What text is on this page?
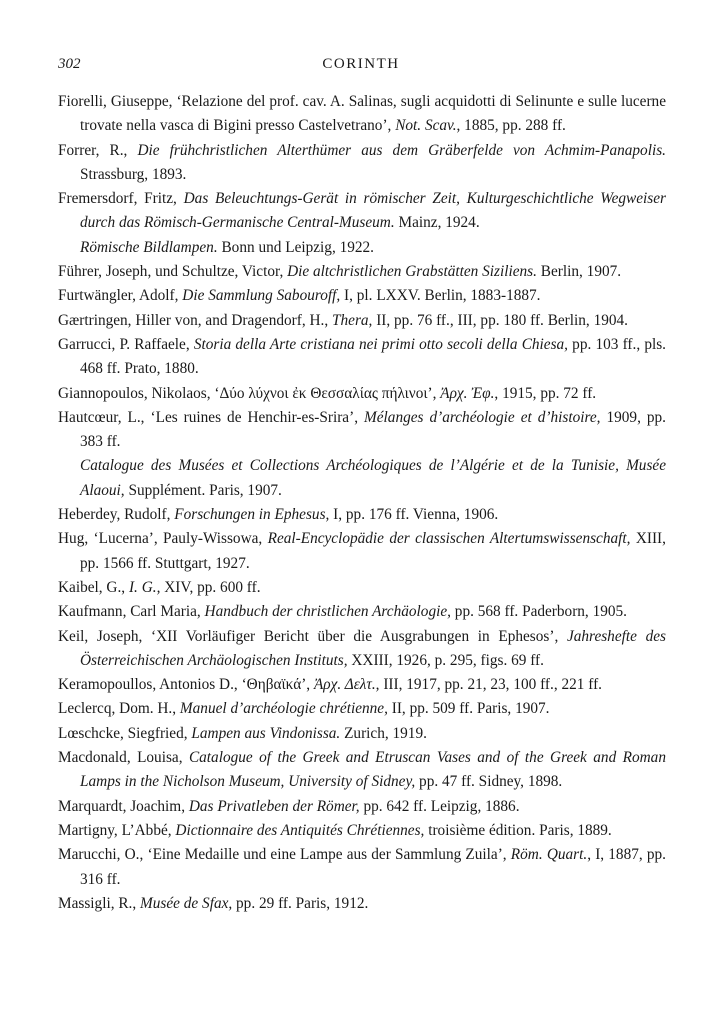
302	CORINTH
Fiorelli, Giuseppe, ‘Relazione del prof. cav. A. Salinas, sugli acquidotti di Selinunte e sulle lucerne trovate nella vasca di Bigini presso Castelvetrano’, Not. Scav., 1885, pp. 288 ff.
Forrer, R., Die frühchristlichen Alterthümer aus dem Gräberfelde von Achmim-Panapolis. Strassburg, 1893.
Fremersdorf, Fritz, Das Beleuchtungs-Gerät in römischer Zeit, Kulturgeschichtliche Wegweiser durch das Römisch-Germanische Central-Museum. Mainz, 1924.
Römische Bildlampen. Bonn und Leipzig, 1922.
Führer, Joseph, und Schultze, Victor, Die altchristlichen Grabstätten Siziliens. Berlin, 1907.
Furtwängler, Adolf, Die Sammlung Sabouroff, I, pl. LXXV. Berlin, 1883-1887.
Gærtringen, Hiller von, and Dragendorf, H., Thera, II, pp. 76 ff., III, pp. 180 ff. Berlin, 1904.
Garrucci, P. Raffaele, Storia della Arte cristiana nei primi otto secoli della Chiesa, pp. 103 ff., pls. 468 ff. Prato, 1880.
Giannopoulos, Nikolaos, ‘Δύο λύχνοι ἐκ Θεσσαλίας πήλινοι’, Ἀρχ. Ἐφ., 1915, pp. 72 ff.
Hautcœur, L., ‘Les ruines de Henchir-es-Srira’, Mélanges d’archéologie et d’histoire, 1909, pp. 383 ff.
Catalogue des Musées et Collections Archéologiques de l’Algérie et de la Tunisie, Musée Alaoui, Supplément. Paris, 1907.
Heberdey, Rudolf, Forschungen in Ephesus, I, pp. 176 ff. Vienna, 1906.
Hug, ‘Lucerna’, Pauly-Wissowa, Real-Encyclopädie der classischen Altertumswissenschaft, XIII, pp. 1566 ff. Stuttgart, 1927.
Kaibel, G., I. G., XIV, pp. 600 ff.
Kaufmann, Carl Maria, Handbuch der christlichen Archäologie, pp. 568 ff. Paderborn, 1905.
Keil, Joseph, ‘XII Vorläufiger Bericht über die Ausgrabungen in Ephesos’, Jahreshefte des Österreichischen Archäologischen Instituts, XXIII, 1926, p. 295, figs. 69 ff.
Keramopoullos, Antonios D., ‘Θηβαϊκά’, Ἀρχ. Δελτ., III, 1917, pp. 21, 23, 100 ff., 221 ff.
Leclercq, Dom. H., Manuel d’archéologie chrétienne, II, pp. 509 ff. Paris, 1907.
Lœschcke, Siegfried, Lampen aus Vindonissa. Zurich, 1919.
Macdonald, Louisa, Catalogue of the Greek and Etruscan Vases and of the Greek and Roman Lamps in the Nicholson Museum, University of Sidney, pp. 47 ff. Sidney, 1898.
Marquardt, Joachim, Das Privatleben der Römer, pp. 642 ff. Leipzig, 1886.
Martigny, L’Abbé, Dictionnaire des Antiquités Chrétiennes, troisième édition. Paris, 1889.
Marucchi, O., ‘Eine Medaille und eine Lampe aus der Sammlung Zuila’, Röm. Quart., I, 1887, pp. 316 ff.
Massigli, R., Musée de Sfax, pp. 29 ff. Paris, 1912.
